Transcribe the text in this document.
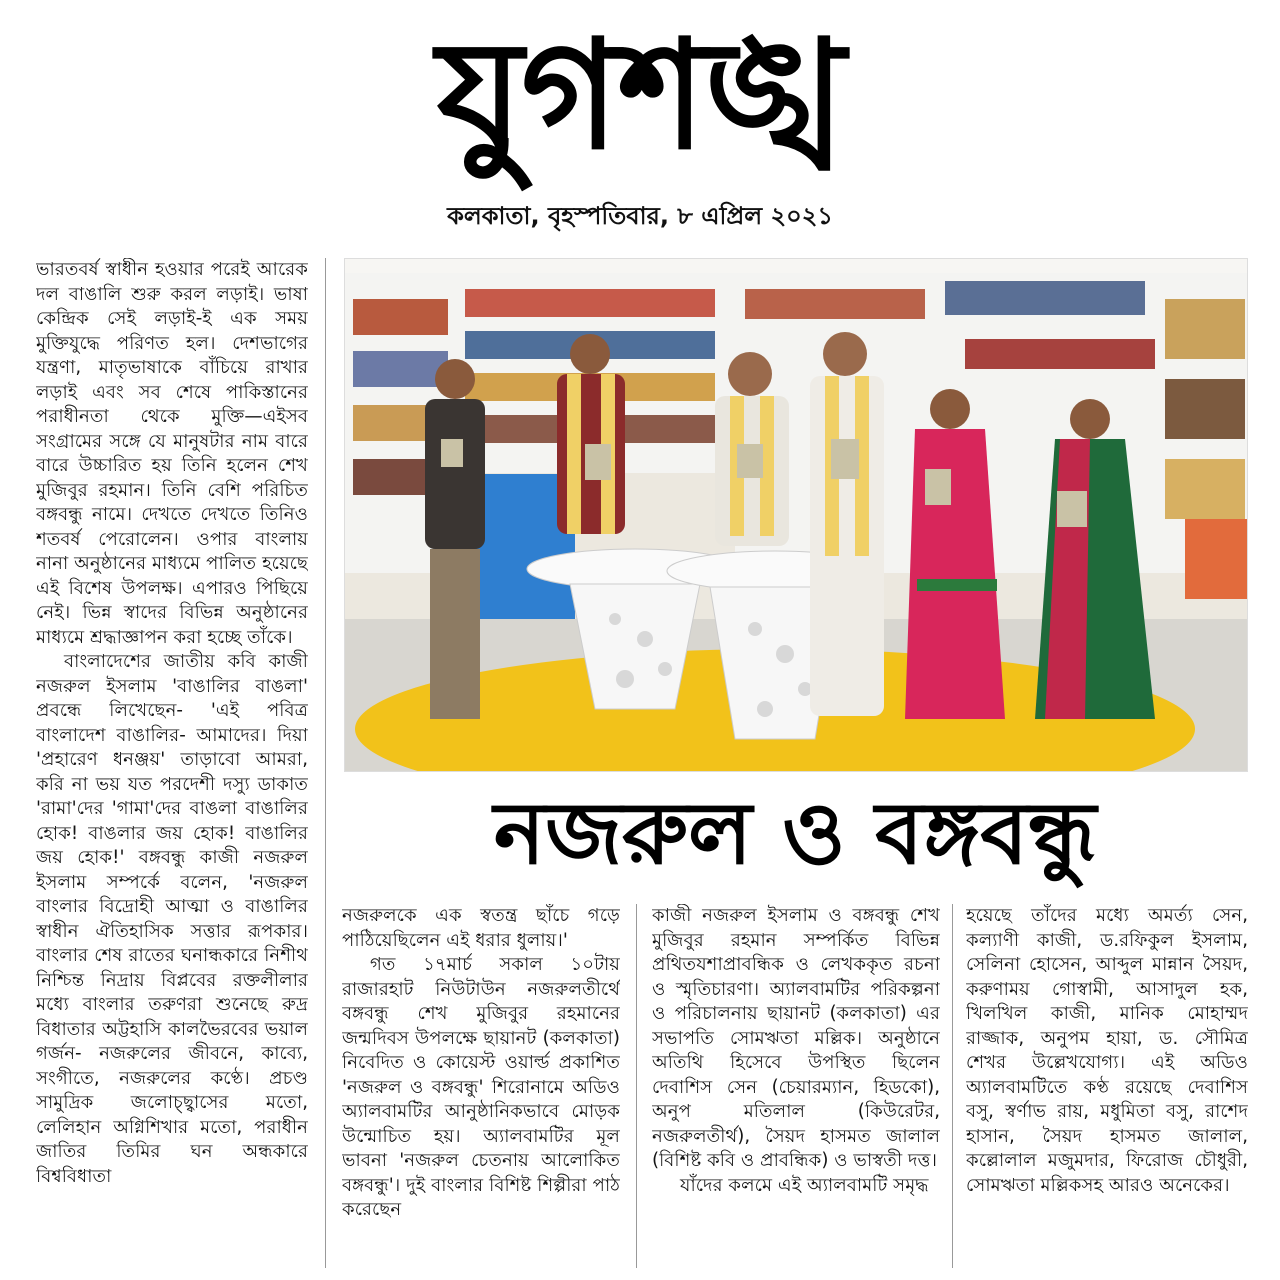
যুগশঙ্খ
কলকাতা, বৃহস্পতিবার, ৮ এপ্রিল ২০২১

ভারতবর্ষ স্বাধীন হওয়ার পরেই আরেক দল বাঙালি শুরু করল লড়াই। ভাষা কেন্দ্রিক সেই লড়াই-ই এক সময় মুক্তিযুদ্ধে পরিণত হল। দেশভাগের যন্ত্রণা, মাতৃভাষাকে বাঁচিয়ে রাখার লড়াই এবং সব শেষে পাকিস্তানের পরাধীনতা থেকে মুক্তি—এইসব সংগ্রামের সঙ্গে যে মানুষটার নাম বারে বারে উচ্চারিত হয় তিনি হলেন শেখ মুজিবুর রহমান। তিনি বেশি পরিচিত বঙ্গবন্ধু নামে। দেখতে দেখতে তিনিও শতবর্ষ পেরোলেন। ওপার বাংলায় নানা অনুষ্ঠানের মাধ্যমে পালিত হয়েছে এই বিশেষ উপলক্ষ। এপারও পিছিয়ে নেই। ভিন্ন স্বাদের বিভিন্ন অনুষ্ঠানের মাধ্যমে শ্রদ্ধাজ্ঞাপন করা হচ্ছে তাঁকে।

বাংলাদেশের জাতীয় কবি কাজী নজরুল ইসলাম 'বাঙালির বাঙলা' প্রবন্ধে লিখেছেন- 'এই পবিত্র বাংলাদেশ বাঙালির- আমাদের। দিয়া 'প্রহারেণ ধনঞ্জয়' তাড়াবো আমরা, করি না ভয় যত পরদেশী দস্যু ডাকাত 'রামা'দের 'গামা'দের বাঙলা বাঙালির হোক! বাঙলার জয় হোক! বাঙালির জয় হোক!' বঙ্গবন্ধু কাজী নজরুল ইসলাম সম্পর্কে বলেন, 'নজরুল বাংলার বিদ্রোহী আত্মা ও বাঙালির স্বাধীন ঐতিহাসিক সত্তার রূপকার। বাংলার শেষ রাতের ঘনান্ধকারে নিশীথ নিশ্চিন্ত নিদ্রায় বিপ্লবের রক্তলীলার মধ্যে বাংলার তরুণরা শুনেছে রুদ্র বিধাতার অট্টহাসি কালভৈরবের ভয়াল গর্জন- নজরুলের জীবনে, কাব্যে, সংগীতে, নজরুলের কণ্ঠে। প্রচণ্ড সামুদ্রিক জলোচ্ছ্বাসের মতো, লেলিহান অগ্নিশিখার মতো, পরাধীন জাতির তিমির ঘন অন্ধকারে বিশ্ববিধাতা

নজরুল ও বঙ্গবন্ধু

নজরুলকে এক স্বতন্ত্র ছাঁচে গড়ে পাঠিয়েছিলেন এই ধরার ধুলায়।'

গত ১৭মার্চ সকাল ১০টায় রাজারহাট নিউটাউন নজরুলতীর্থে বঙ্গবন্ধু শেখ মুজিবুর রহমানের জন্মদিবস উপলক্ষে ছায়ানট (কলকাতা) নিবেদিত ও কোয়েস্ট ওয়ার্ল্ড প্রকাশিত 'নজরুল ও বঙ্গবন্ধু' শিরোনামে অডিও অ্যালবামটির আনুষ্ঠানিকভাবে মোড়ক উন্মোচিত হয়। অ্যালবামটির মূল ভাবনা 'নজরুল চেতনায় আলোকিত বঙ্গবন্ধু'। দুই বাংলার বিশিষ্ট শিল্পীরা পাঠ করেছেন

কাজী নজরুল ইসলাম ও বঙ্গবন্ধু শেখ মুজিবুর রহমান সম্পর্কিত বিভিন্ন প্রথিতযশাপ্রাবন্ধিক ও লেখককৃত রচনা ও স্মৃতিচারণা। অ্যালবামটির পরিকল্পনা ও পরিচালনায় ছায়ানট (কলকাতা) এর সভাপতি সোমঋতা মল্লিক। অনুষ্ঠানে অতিথি হিসেবে উপস্থিত ছিলেন দেবাশিস সেন (চেয়ারম্যান, হিডকো), অনুপ মতিলাল (কিউরেটর, নজরুলতীর্থ), সৈয়দ হাসমত জালাল (বিশিষ্ট কবি ও প্রাবন্ধিক) ও ভাস্বতী দত্ত।

যাঁদের কলমে এই অ্যালবামটি সমৃদ্ধ

হয়েছে তাঁদের মধ্যে অমর্ত্য সেন, কল্যাণী কাজী, ড.রফিকুল ইসলাম, সেলিনা হোসেন, আব্দুল মান্নান সৈয়দ, করুণাময় গোস্বামী, আসাদুল হক, খিলখিল কাজী, মানিক মোহাম্মদ রাজ্জাক, অনুপম হায়া, ড. সৌমিত্র শেখর উল্লেখযোগ্য। এই অডিও অ্যালবামটিতে কণ্ঠ রয়েছে দেবাশিস বসু, স্বর্ণাভ রায়, মধুমিতা বসু, রাশেদ হাসান, সৈয়দ হাসমত জালাল, কল্লোলাল মজুমদার, ফিরোজ চৌধুরী, সোমঋতা মল্লিকসহ আরও অনেকের।
